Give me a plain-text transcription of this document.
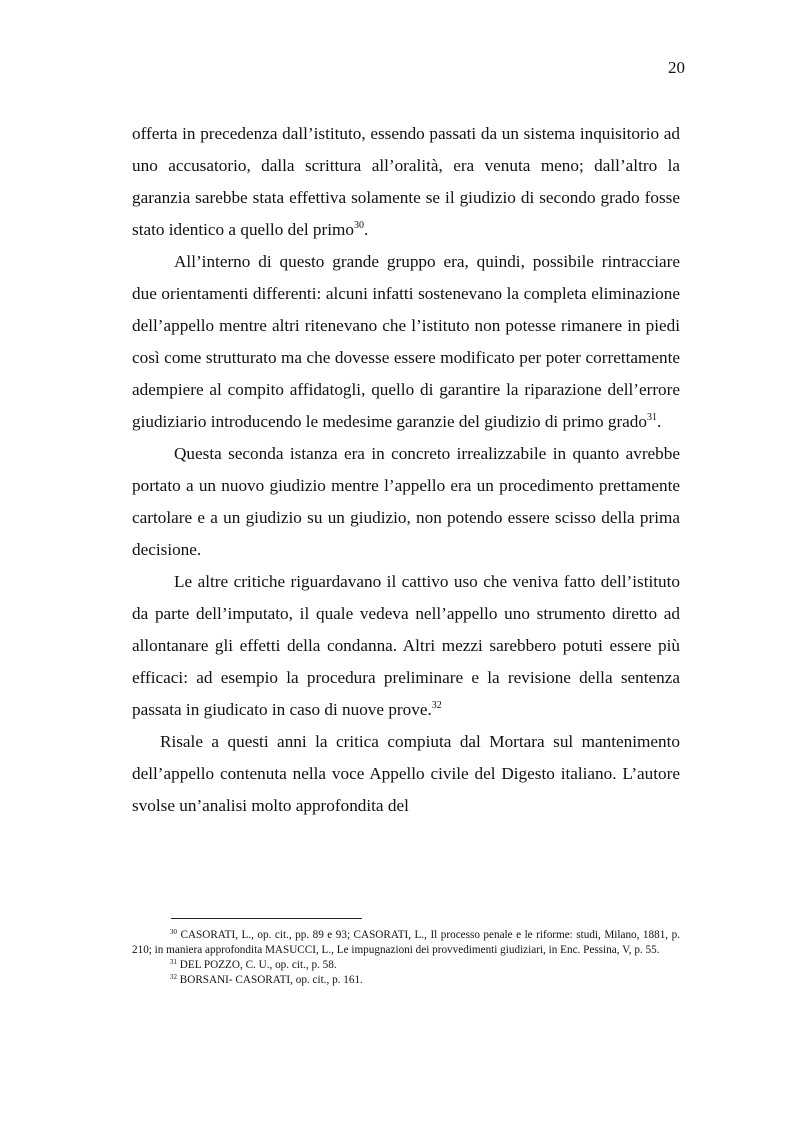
20

offerta in precedenza dall’istituto, essendo passati da un sistema inquisitorio ad uno accusatorio, dalla scrittura all’oralità, era venuta meno; dall’altro la garanzia sarebbe stata effettiva solamente se il giudizio di secondo grado fosse stato identico a quello del primo$^{30}$.

All’interno di questo grande gruppo era, quindi, possibile rintracciare due orientamenti differenti: alcuni infatti sostenevano la completa eliminazione dell’appello mentre altri ritenevano che l’istituto non potesse rimanere in piedi così come strutturato ma che dovesse essere modificato per poter correttamente adempiere al compito affidatogli, quello di garantire la riparazione dell’errore giudiziario introducendo le medesime garanzie del giudizio di primo grado$^{31}$.

Questa seconda istanza era in concreto irrealizzabile in quanto avrebbe portato a un nuovo giudizio mentre l’appello era un procedimento prettamente cartolare e a un giudizio su un giudizio, non potendo essere scisso della prima decisione.

Le altre critiche riguardavano il cattivo uso che veniva fatto dell’istituto da parte dell’imputato, il quale vedeva nell’appello uno strumento diretto ad allontanare gli effetti della condanna. Altri mezzi sarebbero potuti essere più efficaci: ad esempio la procedura preliminare e la revisione della sentenza passata in giudicato in caso di nuove prove.$^{32}$

Risale a questi anni la critica compiuta dal Mortara sul mantenimento dell’appello contenuta nella voce Appello civile del Digesto italiano. L’autore svolse un’analisi molto approfondita del

$^{30}$ CASORATI, L., op. cit., pp. 89 e 93; CASORATI, L., Il processo penale e le riforme: studi, Milano, 1881, p. 210; in maniera approfondita MASUCCI, L., Le impugnazioni dei provvedimenti giudiziari, in Enc. Pessina, V, p. 55.

$^{31}$ DEL POZZO, C. U., op. cit., p. 58.

$^{32}$ BORSANI- CASORATI, op. cit., p. 161.
